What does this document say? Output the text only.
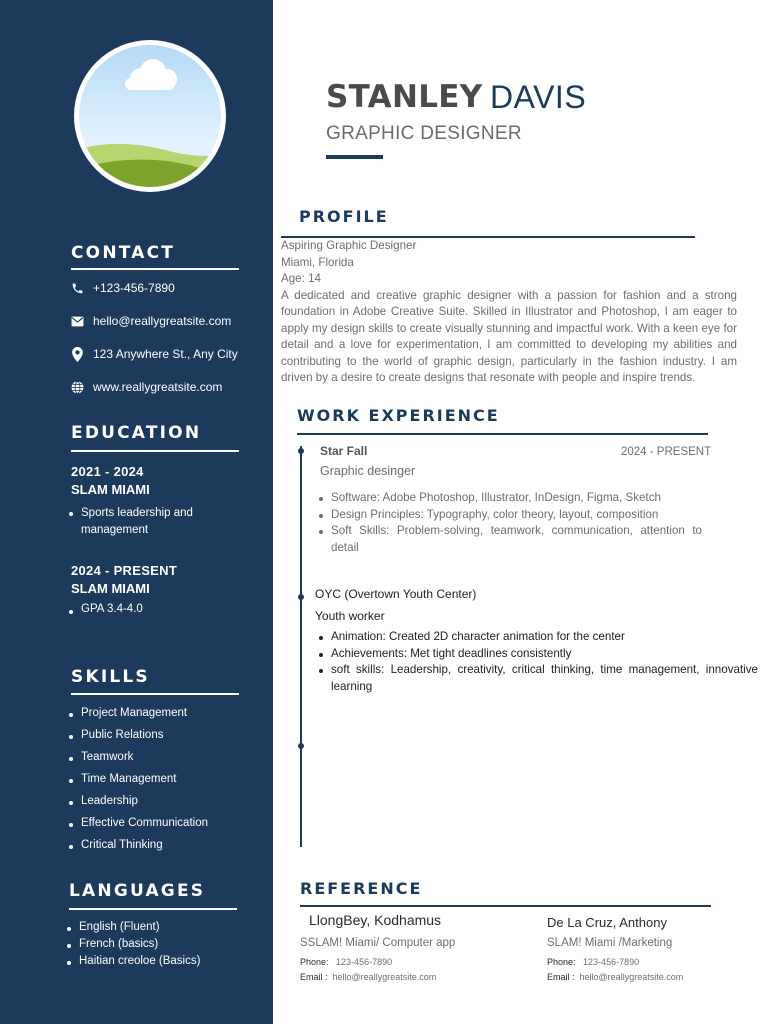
CONTACT
+123-456-7890
hello@reallygreatsite.com
123 Anywhere St., Any City
www.reallygreatsite.com
EDUCATION
2021 - 2024
SLAM MIAMI
Sports leadership and management
2024 - PRESENT
SLAM MIAMI
GPA 3.4-4.0
SKILLS
Project Management
Public Relations
Teamwork
Time Management
Leadership
Effective Communication
Critical Thinking
LANGUAGES
English (Fluent)
French (basics)
Haitian creoloe (Basics)
STANLEY DAVIS
GRAPHIC DESIGNER
PROFILE

Aspiring Graphic Designer

Miami, Florida

Age: 14

A dedicated and creative graphic designer with a passion for fashion and a strong foundation in Adobe Creative Suite. Skilled in Illustrator and Photoshop, I am eager to apply my design skills to create visually stunning and impactful work. With a keen eye for detail and a love for experimentation, I am committed to developing my abilities and contributing to the world of graphic design, particularly in the fashion industry. I am driven by a desire to create designs that resonate with people and inspire trends.

WORK EXPERIENCE
Star Fall	2024 - PRESENT
Graphic desinger
Software: Adobe Photoshop, Illustrator, InDesign, Figma, Sketch
Design Principles: Typography, color theory, layout, composition
Soft Skills: Problem-solving, teamwork, communication, attention to detail
OYC (Overtown Youth Center)
Youth worker
Animation: Created 2D character animation for the center
Achievements: Met tight deadlines consistently
soft skills: Leadership, creativity, critical thinking, time management, innovative learning
REFERENCE
LlongBey, Kodhamus
SSLAM! Miami/ Computer app
Phone: 123-456-7890
Email : hello@reallygreatsite.com
De La Cruz, Anthony
SLAM! Miami /Marketing
Phone: 123-456-7890
Email : hello@reallygreatsite.com
